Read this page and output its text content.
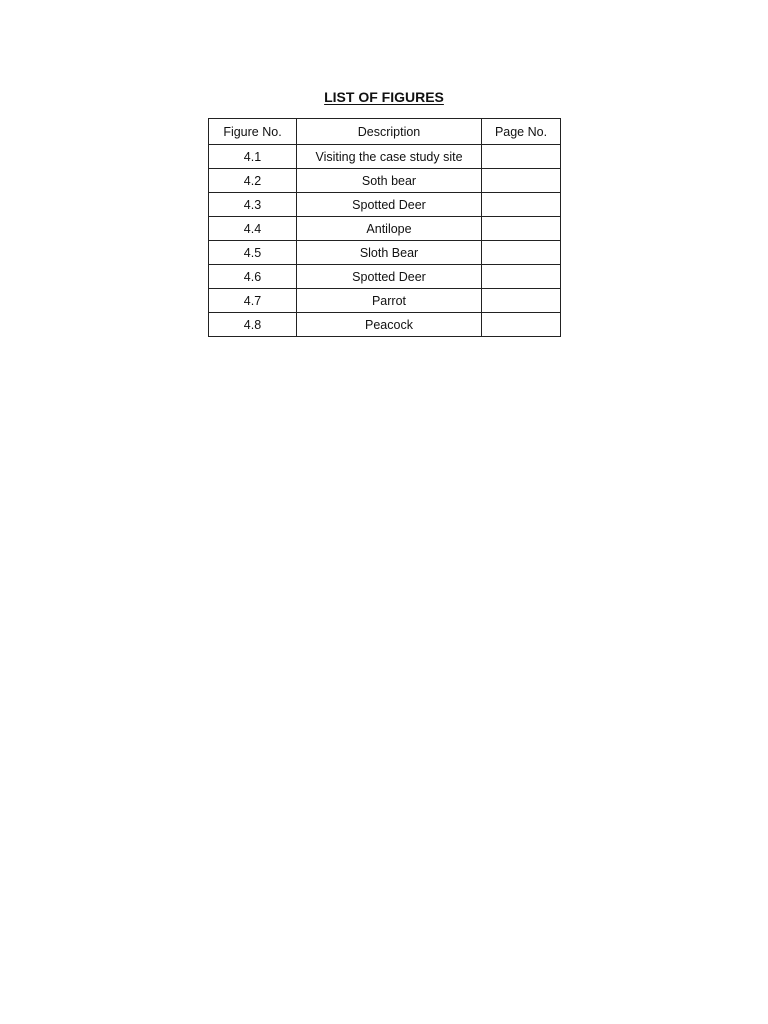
LIST OF FIGURES
Figure No.	Description	Page No.
4.1	Visiting the case study site	
4.2	Soth bear	
4.3	Spotted Deer	
4.4	Antilope	
4.5	Sloth Bear	
4.6	Spotted Deer	
4.7	Parrot	
4.8	Peacock	
